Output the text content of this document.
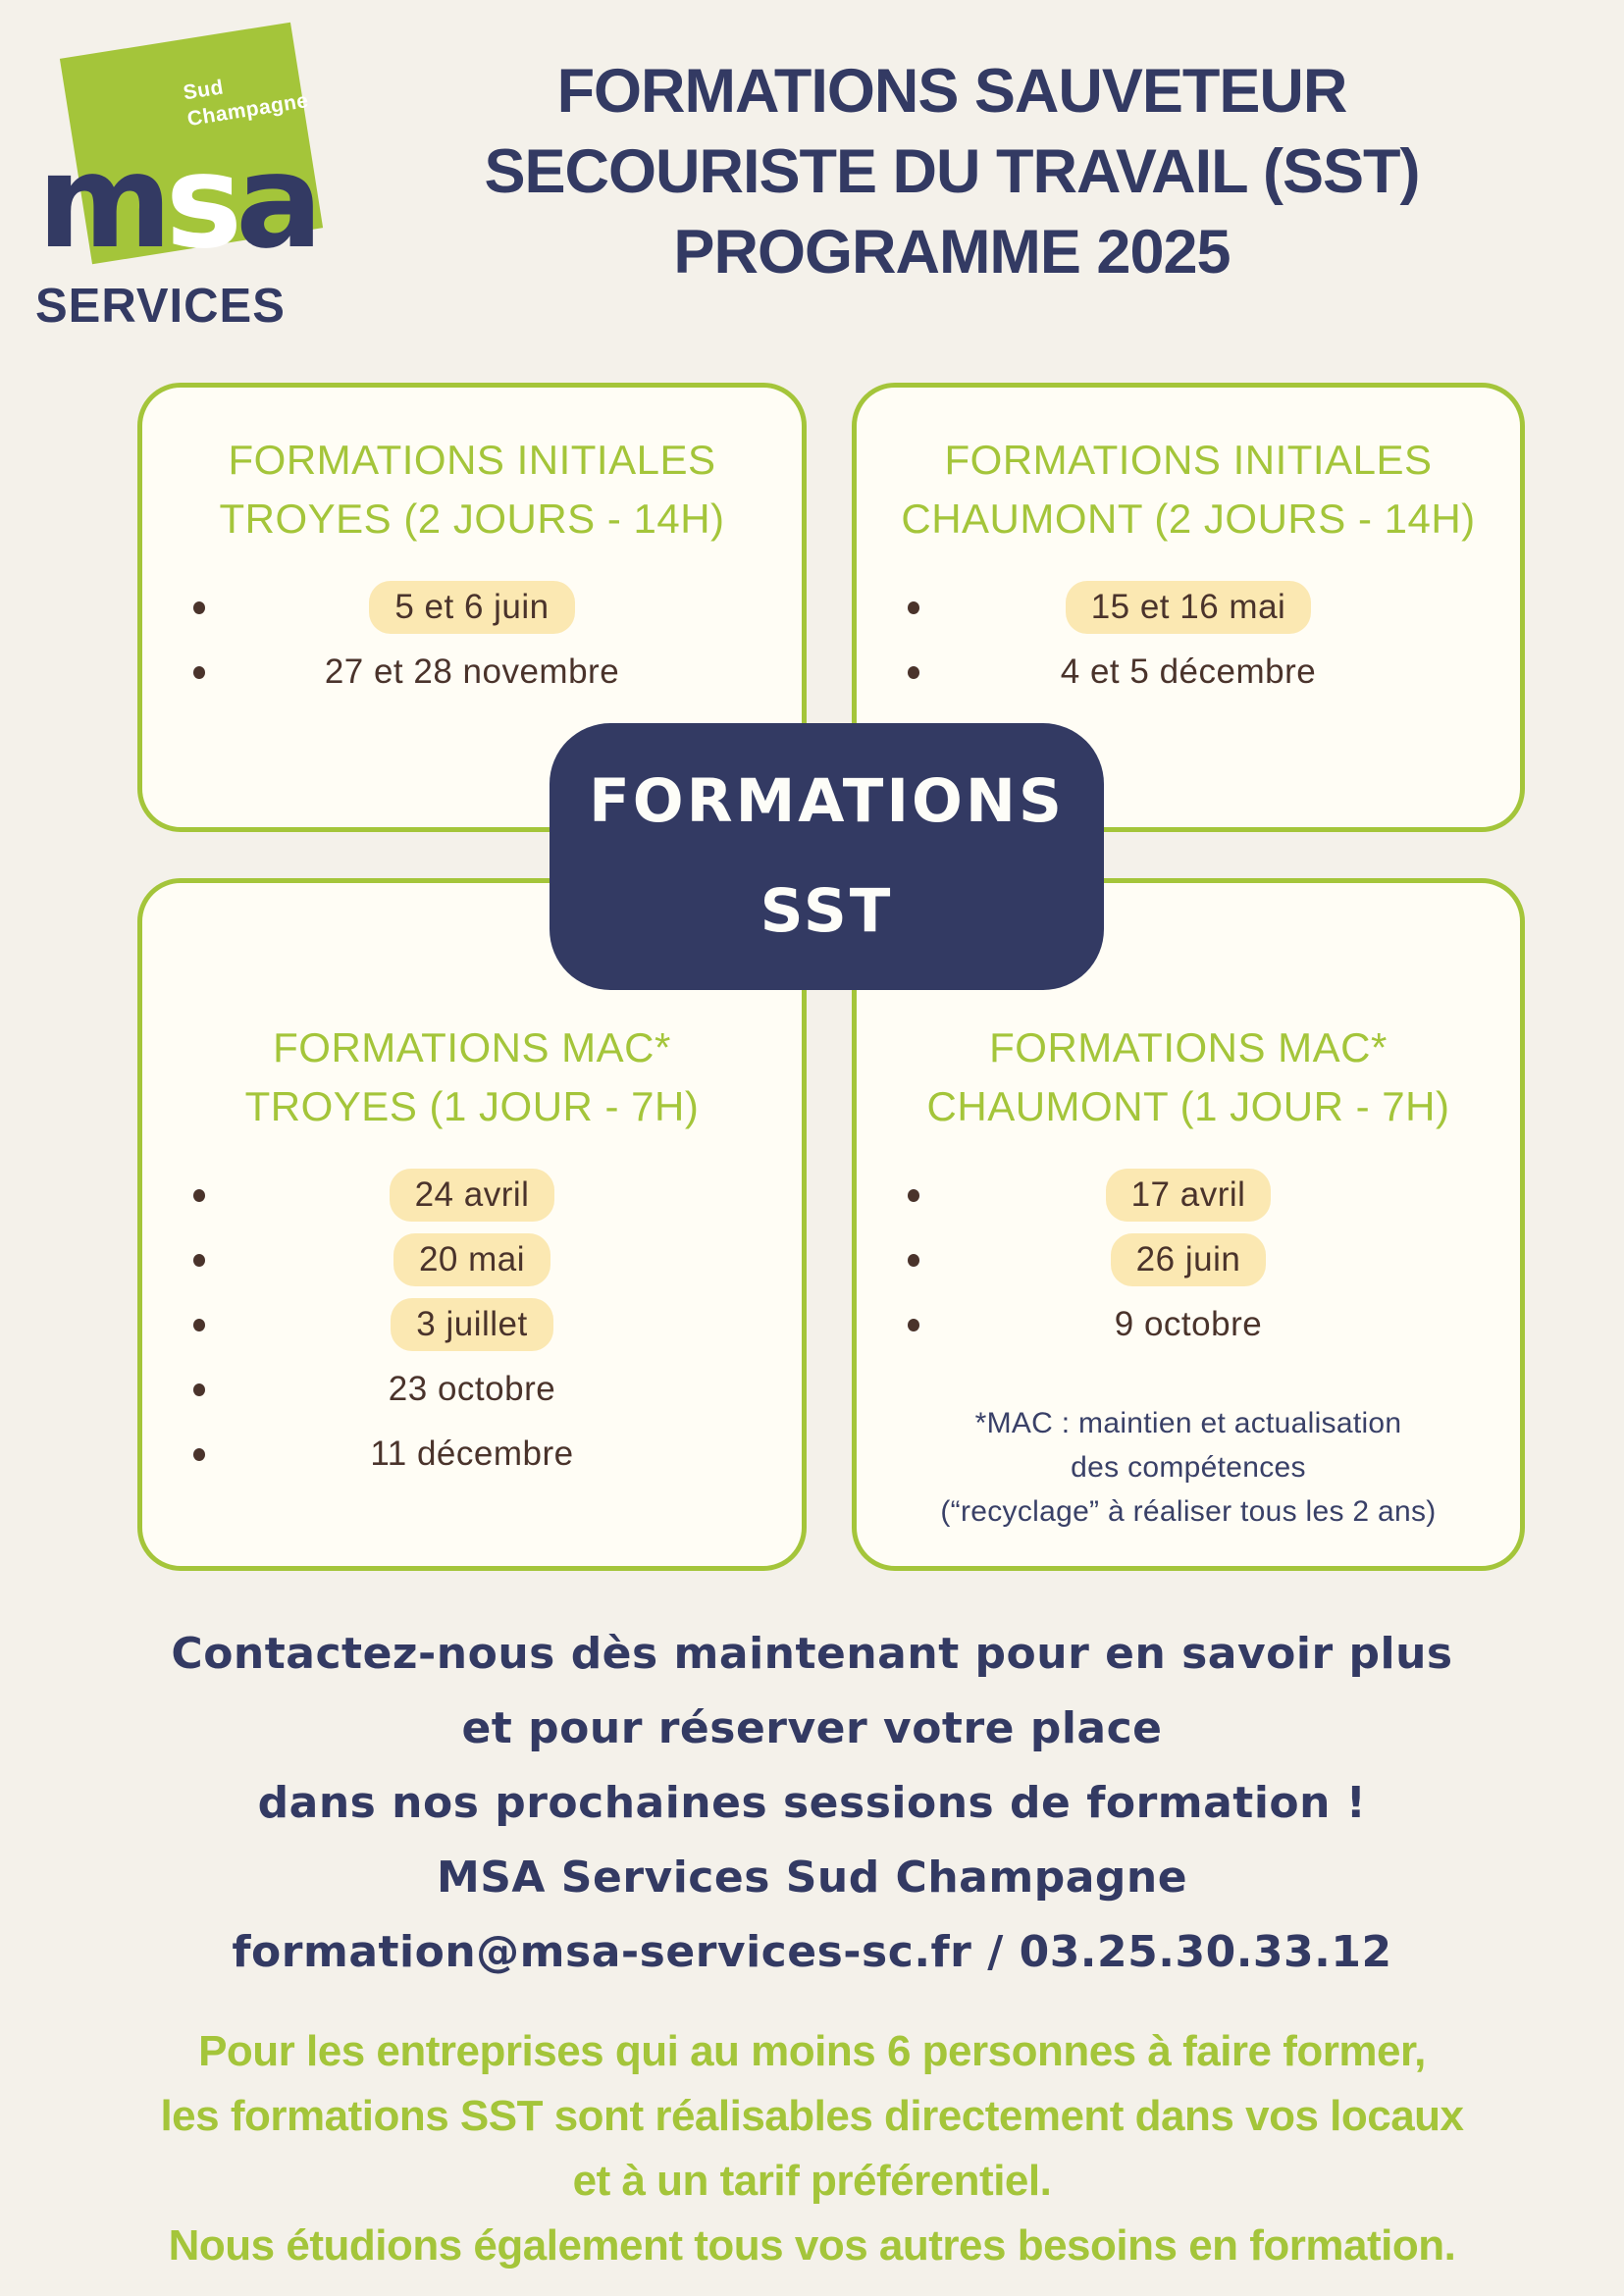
Sud
Champagne
msa
SERVICES
FORMATIONS SAUVETEUR
SECOURISTE DU TRAVAIL (SST)
PROGRAMME 2025
FORMATIONS INITIALES
TROYES (2 JOURS - 14H)
5 et 6 juin
27 et 28 novembre
FORMATIONS INITIALES
CHAUMONT (2 JOURS - 14H)
15 et 16 mai
4 et 5 décembre
FORMATIONS
SST
FORMATIONS MAC*
TROYES (1 JOUR - 7H)
24 avril
20 mai
3 juillet
23 octobre
11 décembre
FORMATIONS MAC*
CHAUMONT (1 JOUR - 7H)
17 avril
26 juin
9 octobre
*MAC : maintien et actualisation
des compétences
(“recyclage” à réaliser tous les 2 ans)
Contactez-nous dès maintenant pour en savoir plus
et pour réserver votre place
dans nos prochaines sessions de formation !
MSA Services Sud Champagne
formation@msa-services-sc.fr / 03.25.30.33.12
Pour les entreprises qui au moins 6 personnes à faire former,
les formations SST sont réalisables directement dans vos locaux
et à un tarif préférentiel.
Nous étudions également tous vos autres besoins en formation.
